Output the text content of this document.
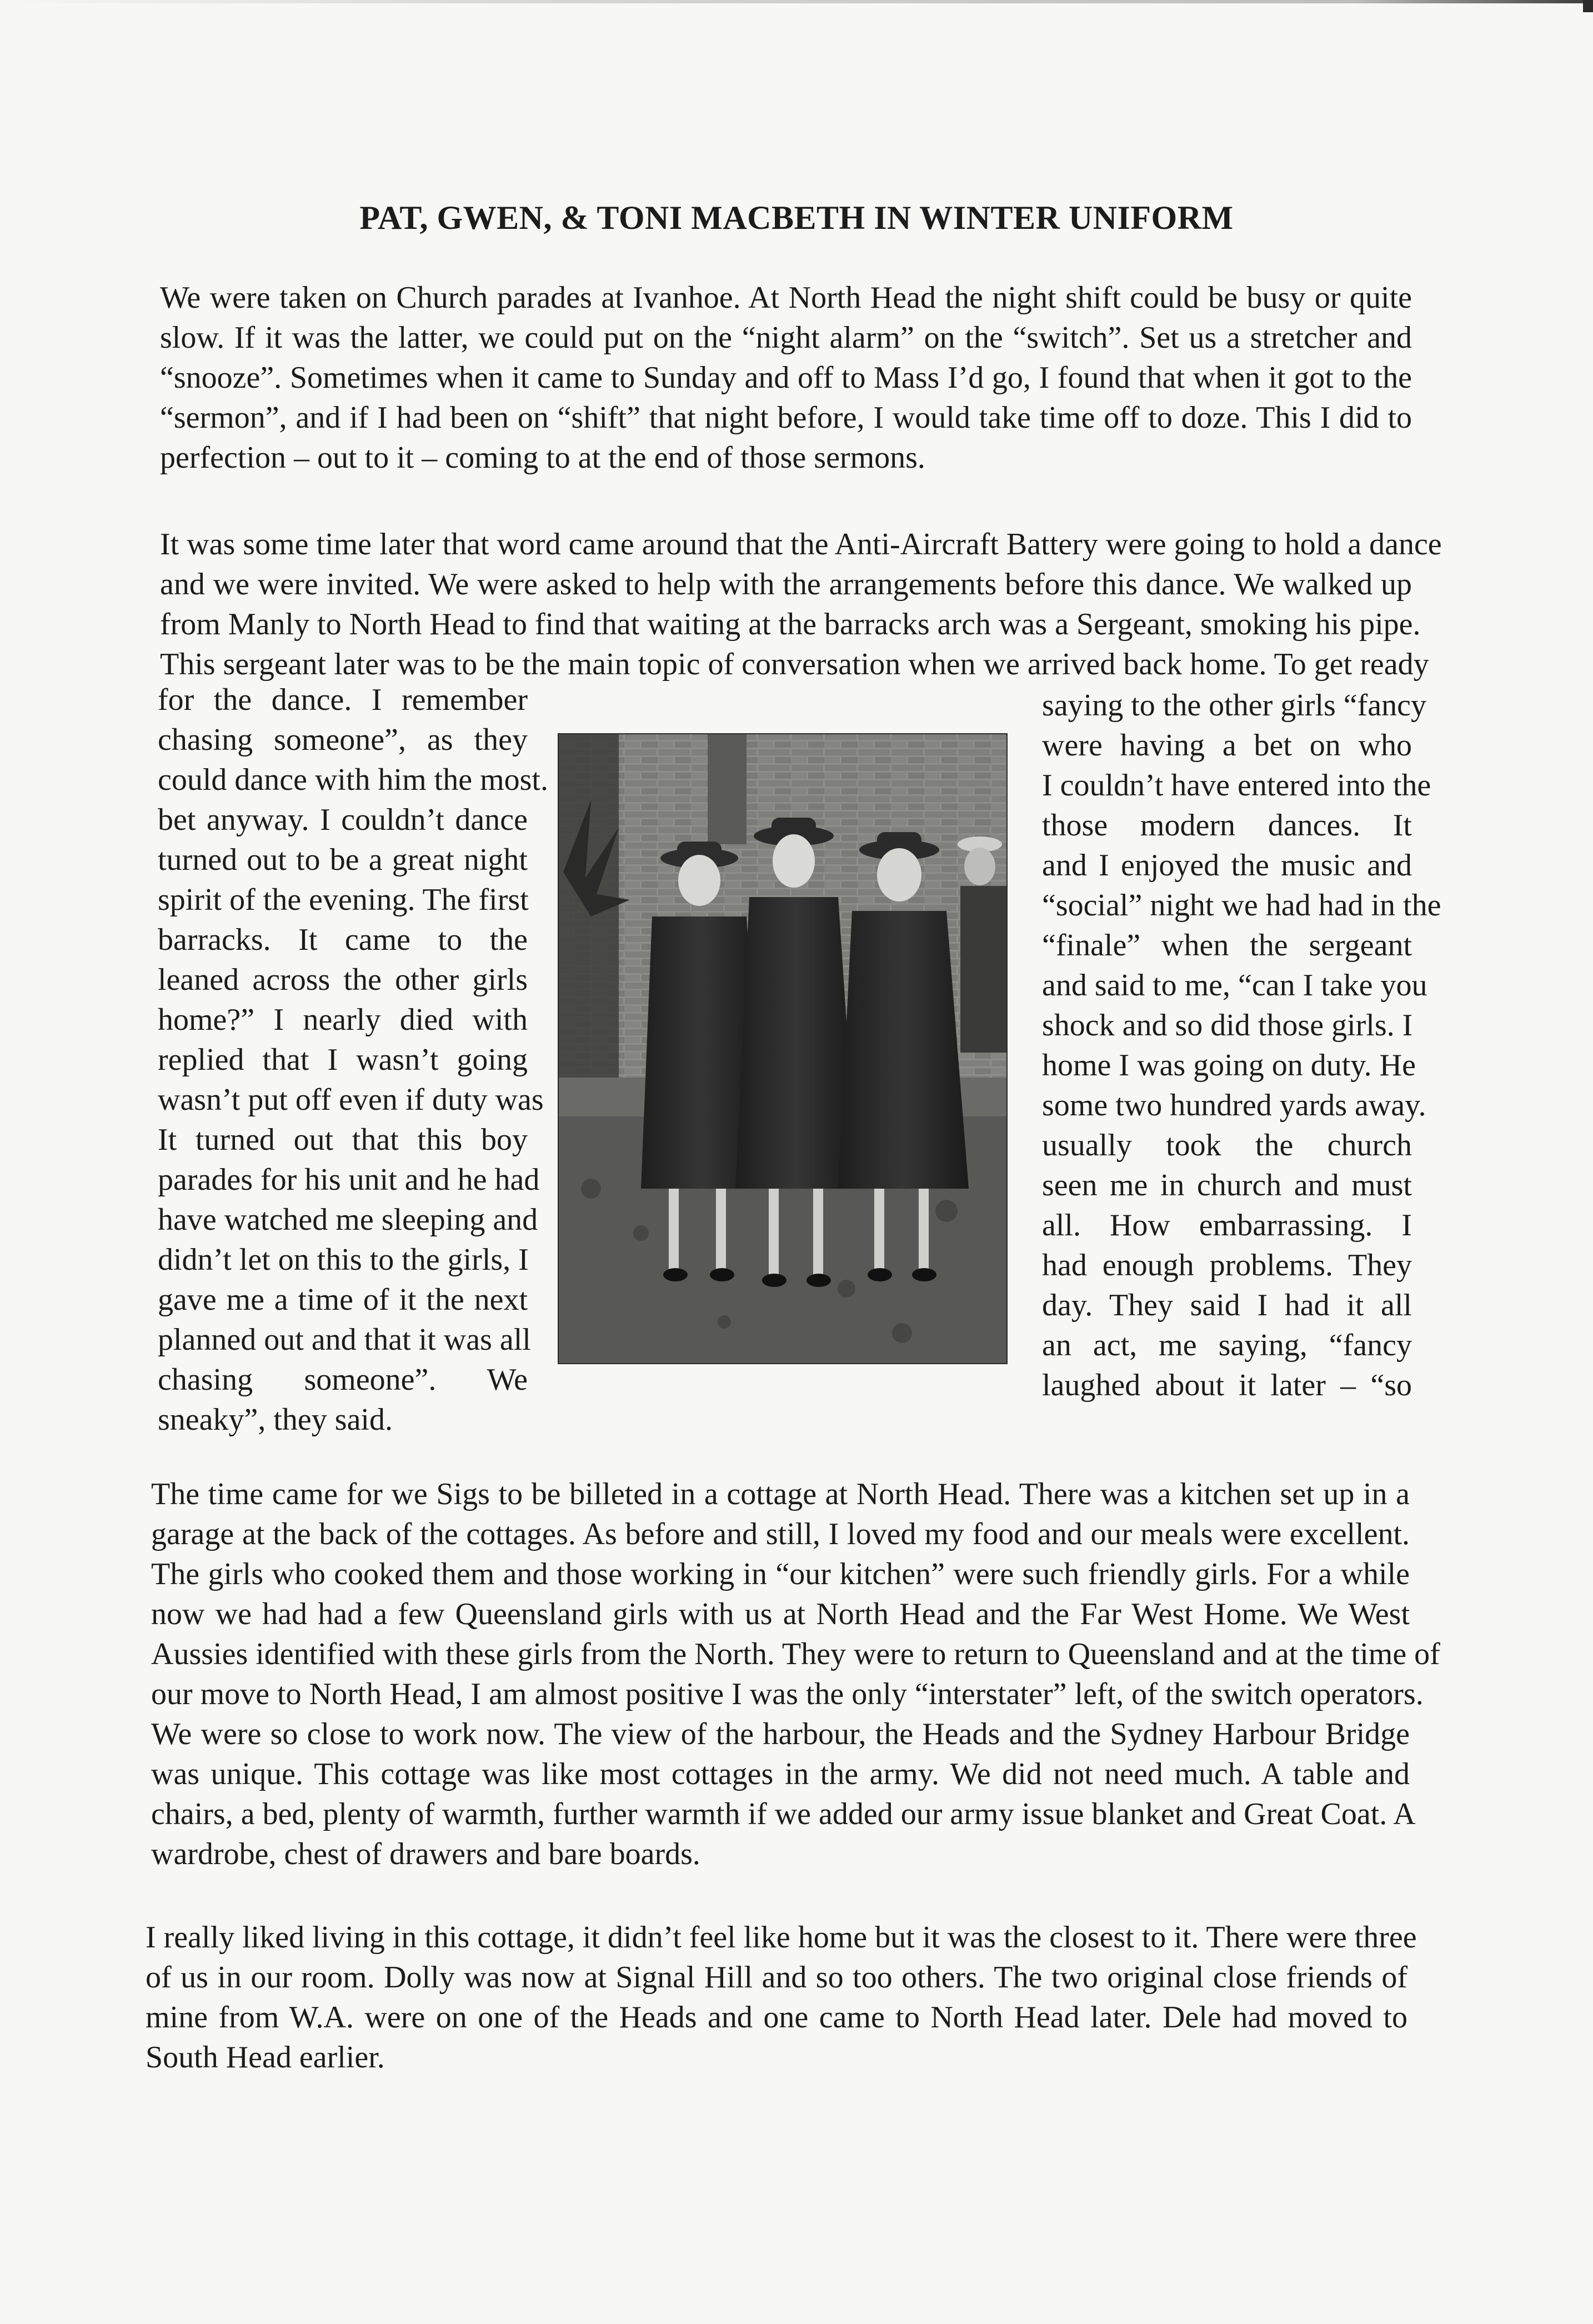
PAT, GWEN, & TONI MACBETH IN WINTER UNIFORM
We were taken on Church parades at Ivanhoe. At North Head the night shift could be busy or quite
slow. If it was the latter, we could put on the “night alarm” on the “switch”. Set us a stretcher and
“snooze”. Sometimes when it came to Sunday and off to Mass I’d go, I found that when it got to the
“sermon”, and if I had been on “shift” that night before, I would take time off to doze. This I did to
perfection – out to it – coming to at the end of those sermons.
It was some time later that word came around that the Anti-Aircraft Battery were going to hold a dance
and we were invited. We were asked to help with the arrangements before this dance. We walked up
from Manly to North Head to find that waiting at the barracks arch was a Sergeant, smoking his pipe.
This sergeant later was to be the main topic of conversation when we arrived back home. To get ready
for the dance. I remember
chasing someone”, as they
could dance with him the most.
bet anyway. I couldn’t dance
turned out to be a great night
spirit of the evening. The first
barracks. It came to the
leaned across the other girls
home?” I nearly died with
replied that I wasn’t going
wasn’t put off even if duty was
It turned out that this boy
parades for his unit and he had
have watched me sleeping and
didn’t let on this to the girls, I
gave me a time of it the next
planned out and that it was all
chasing someone”. We
sneaky”, they said.
saying to the other girls “fancy
were having a bet on who
I couldn’t have entered into the
those modern dances. It
and I enjoyed the music and
“social” night we had had in the
“finale” when the sergeant
and said to me, “can I take you
shock and so did those girls. I
home I was going on duty. He
some two hundred yards away.
usually took the church
seen me in church and must
all. How embarrassing. I
had enough problems. They
day. They said I had it all
an act, me saying, “fancy
laughed about it later – “so
The time came for we Sigs to be billeted in a cottage at North Head. There was a kitchen set up in a
garage at the back of the cottages. As before and still, I loved my food and our meals were excellent.
The girls who cooked them and those working in “our kitchen” were such friendly girls. For a while
now we had had a few Queensland girls with us at North Head and the Far West Home. We West
Aussies identified with these girls from the North. They were to return to Queensland and at the time of
our move to North Head, I am almost positive I was the only “interstater” left, of the switch operators.
We were so close to work now. The view of the harbour, the Heads and the Sydney Harbour Bridge
was unique. This cottage was like most cottages in the army. We did not need much. A table and
chairs, a bed, plenty of warmth, further warmth if we added our army issue blanket and Great Coat. A
wardrobe, chest of drawers and bare boards.
I really liked living in this cottage, it didn’t feel like home but it was the closest to it. There were three
of us in our room. Dolly was now at Signal Hill and so too others. The two original close friends of
mine from W.A. were on one of the Heads and one came to North Head later. Dele had moved to
South Head earlier.
